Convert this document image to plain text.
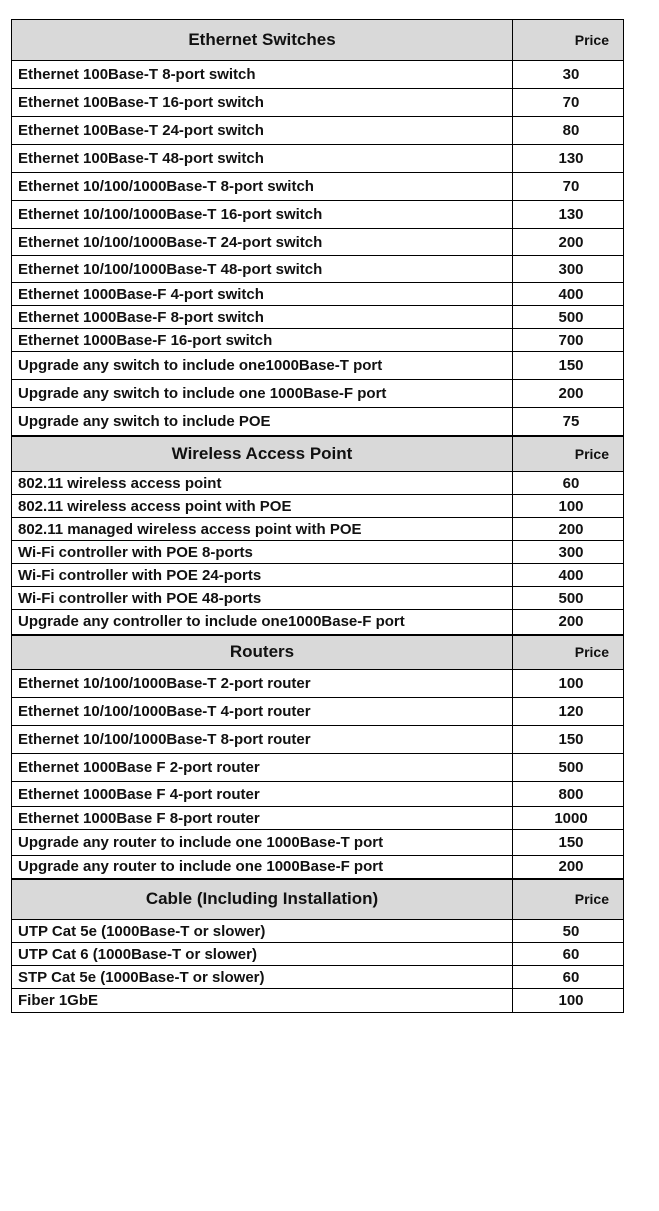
Ethernet Switches	Price
Ethernet 100Base-T 8-port switch	30
Ethernet 100Base-T 16-port switch	70
Ethernet 100Base-T 24-port switch	80
Ethernet 100Base-T 48-port switch	130
Ethernet 10/100/1000Base-T 8-port switch	70
Ethernet 10/100/1000Base-T 16-port switch	130
Ethernet 10/100/1000Base-T 24-port switch	200
Ethernet 10/100/1000Base-T 48-port switch	300
Ethernet 1000Base-F 4-port switch	400
Ethernet 1000Base-F 8-port switch	500
Ethernet 1000Base-F 16-port switch	700
Upgrade any switch to include one1000Base-T port	150
Upgrade any switch to include one 1000Base-F port	200
Upgrade any switch to include POE	75
Wireless Access Point	Price
802.11 wireless access point	60
802.11 wireless access point with POE	100
802.11 managed wireless access point with POE	200
Wi-Fi controller with POE 8-ports	300
Wi-Fi controller with POE 24-ports	400
Wi-Fi controller with POE 48-ports	500
Upgrade any controller to include one1000Base-F port	200
Routers	Price
Ethernet 10/100/1000Base-T 2-port router	100
Ethernet 10/100/1000Base-T 4-port router	120
Ethernet 10/100/1000Base-T 8-port router	150
Ethernet 1000Base F 2-port router	500
Ethernet 1000Base F 4-port router	800
Ethernet 1000Base F 8-port router	1000
Upgrade any router to include one 1000Base-T port	150
Upgrade any router to include one 1000Base-F port	200
Cable (Including Installation)	Price
UTP Cat 5e (1000Base-T or slower)	50
UTP Cat 6 (1000Base-T or slower)	60
STP Cat 5e (1000Base-T or slower)	60
Fiber 1GbE	100
